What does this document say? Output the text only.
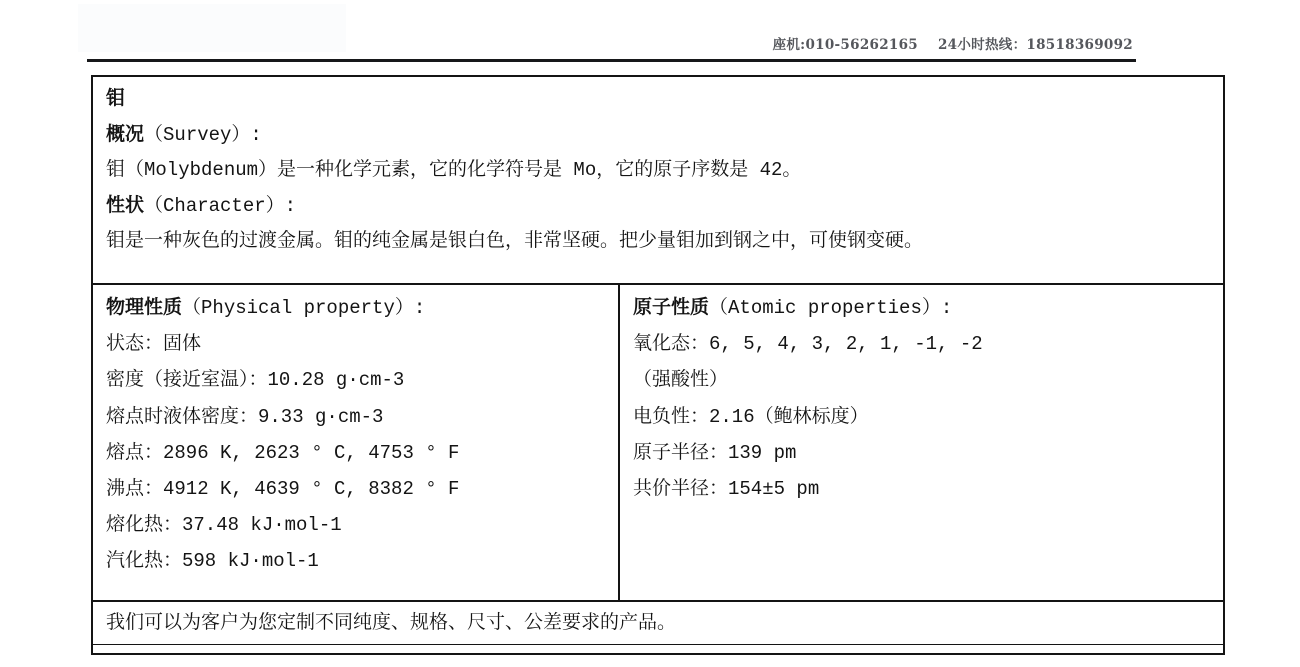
座机:010-56262165 24小时热线：18518369092
钼
概况（Survey）:
钼（Molybdenum）是一种化学元素，它的化学符号是 Mo，它的原子序数是 42。
性状（Character）:
钼是一种灰色的过渡金属。钼的纯金属是银白色，非常坚硬。把少量钼加到钢之中，可使钢变硬。
物理性质（Physical property）:
状态：固体
密度（接近室温）：10.28 g·cm-3
熔点时液体密度：9.33 g·cm-3
熔点：2896 K, 2623 ° C, 4753 ° F
沸点：4912 K, 4639 ° C, 8382 ° F
熔化热：37.48 kJ·mol-1
汽化热：598 kJ·mol-1
原子性质（Atomic properties）:
氧化态：6, 5, 4, 3, 2, 1, -1, -2
（强酸性）
电负性：2.16（鲍林标度）
原子半径：139 pm
共价半径：154±5 pm
我们可以为客户为您定制不同纯度、规格、尺寸、公差要求的产品。
